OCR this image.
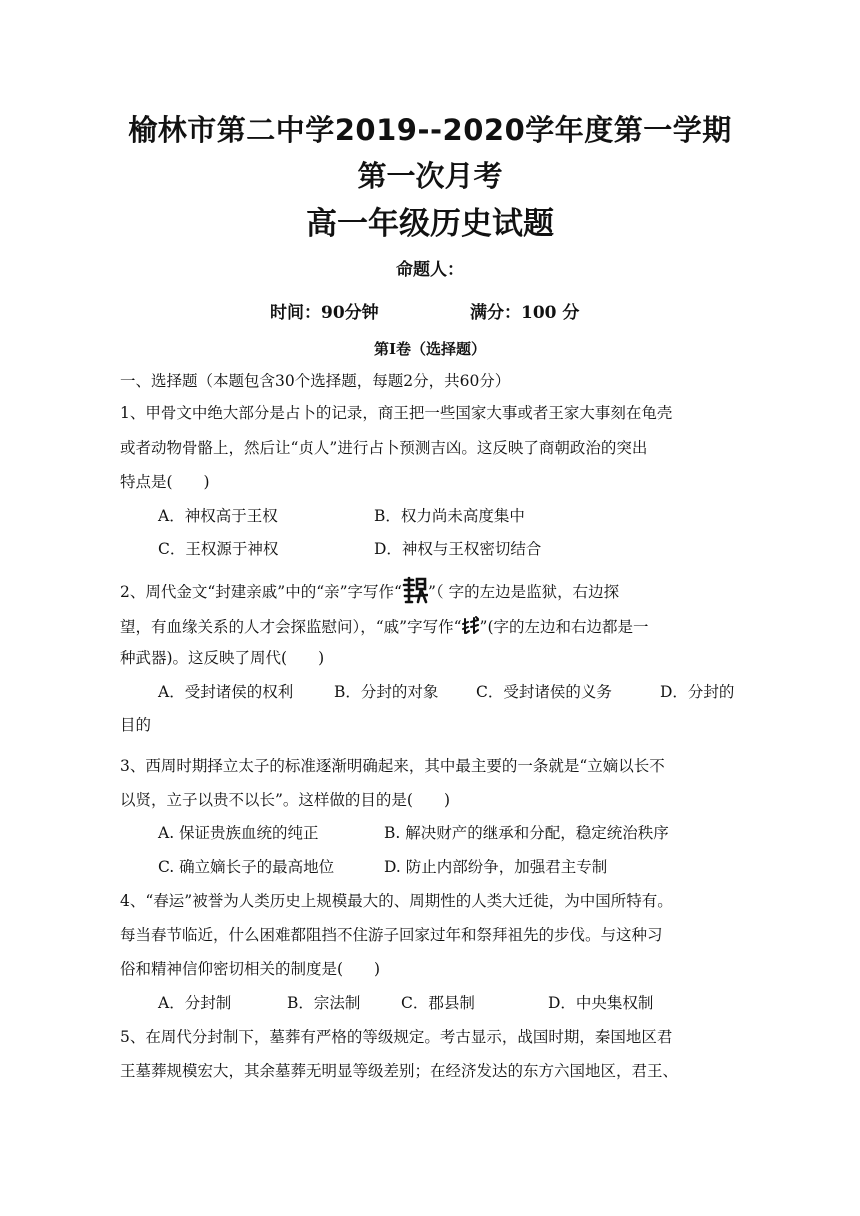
榆林市第二中学2019--2020学年度第一学期
第一次月考
高一年级历史试题
命题人：
时间：90分钟	满分：100 分
第Ⅰ卷（选择题）
一、选择题（本题包含30个选择题，每题2分，共60分）
1、甲骨文中绝大部分是占卜的记录，商王把一些国家大事或者王家大事刻在龟壳
或者动物骨骼上，然后让“贞人”进行占卜预测吉凶。这反映了商朝政治的突出
特点是(　　)
A．神权高于王权	B．权力尚未高度集中
C．王权源于神权	D．神权与王权密切结合
2、周代金文“封建亲戚”中的“亲”字写作“ ”（ 字的左边是监狱，右边探
望，有血缘关系的人才会探监慰问），“戚”字写作“ ”(字的左边和右边都是一
种武器)。这反映了周代(　　)
A．受封诸侯的权利	B．分封的对象 C．受封诸侯的义务	D．分封的
目的
3、西周时期择立太子的标准逐渐明确起来，其中最主要的一条就是“立嫡以长不
以贤，立子以贵不以长”。这样做的目的是(　　)
A. 保证贵族血统的纯正	B. 解决财产的继承和分配，稳定统治秩序
C. 确立嫡长子的最高地位	D. 防止内部纷争，加强君主专制
4、“春运”被誉为人类历史上规模最大的、周期性的人类大迁徙，为中国所特有。
每当春节临近，什么困难都阻挡不住游子回家过年和祭拜祖先的步伐。与这种习
俗和精神信仰密切相关的制度是(　　)
A．分封制	B．宗法制	C．郡县制	D．中央集权制
5、在周代分封制下，墓葬有严格的等级规定。考古显示，战国时期，秦国地区君
王墓葬规模宏大，其余墓葬无明显等级差别；在经济发达的东方六国地区，君王、
